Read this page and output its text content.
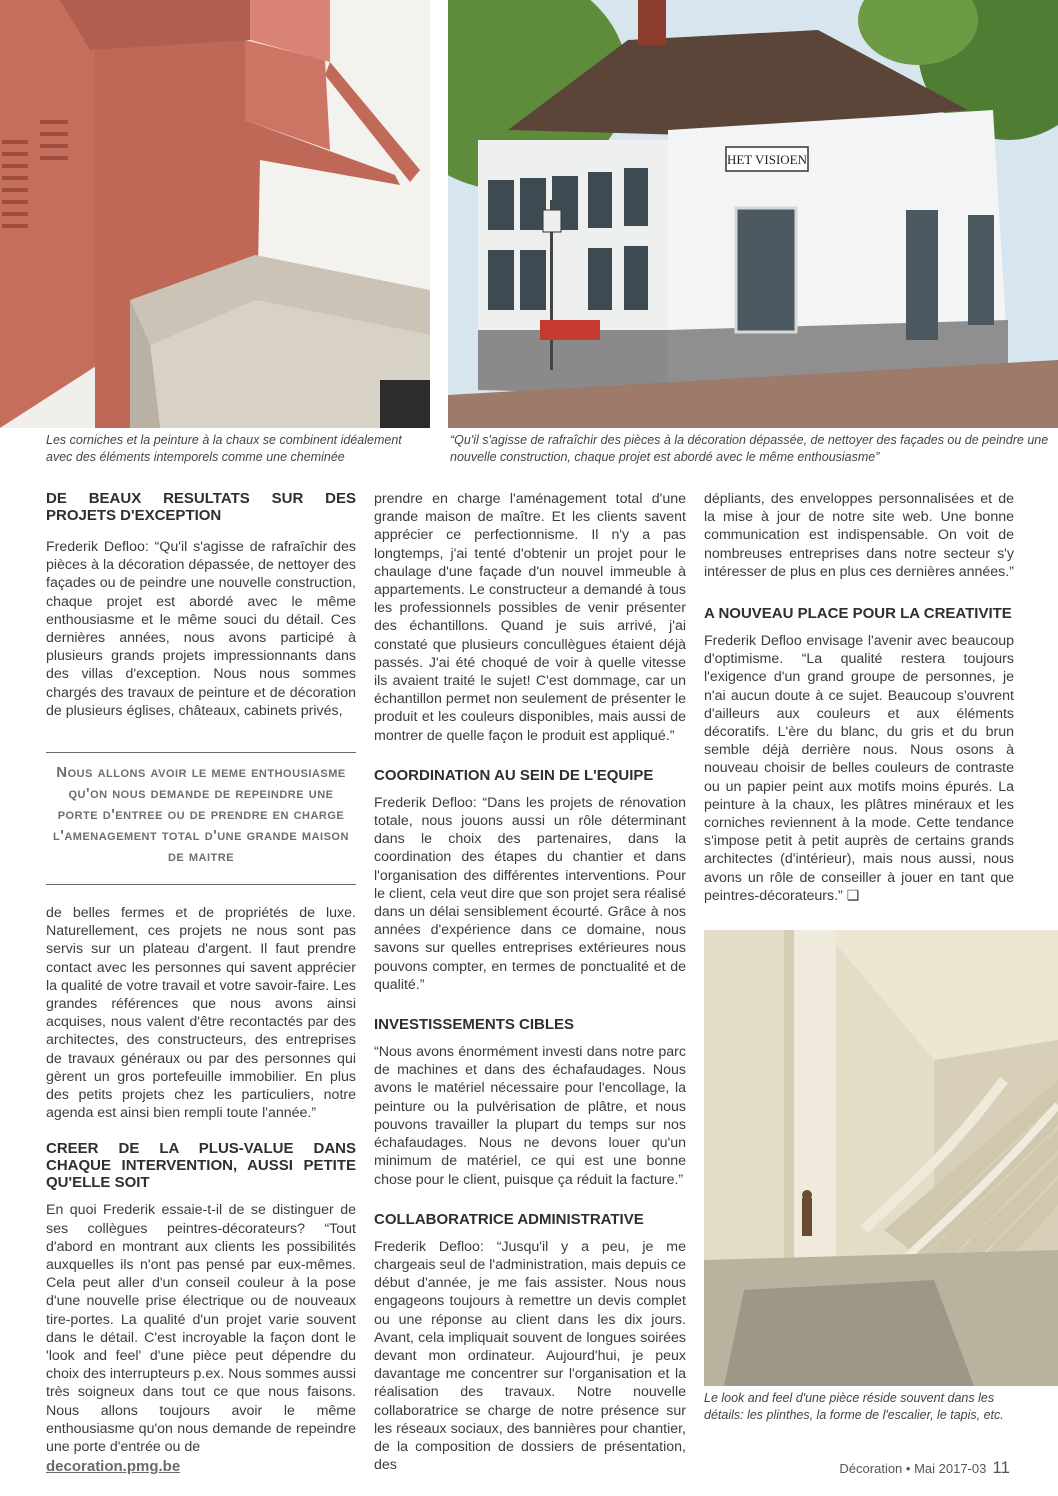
HET VISIOEN
Les corniches et la peinture à la chaux se combinent idéalement avec des éléments intemporels comme une cheminée
“Qu'il s'agisse de rafraîchir des pièces à la décoration dépassée, de nettoyer des façades ou de peindre une nouvelle construction, chaque projet est abordé avec le même enthousiasme”
DE BEAUX RESULTATS SUR DES PROJETS D'EXCEPTION

Frederik Defloo: “Qu'il s'agisse de rafraîchir des pièces à la décoration dépassée, de nettoyer des façades ou de peindre une nouvelle construction, chaque projet est abordé avec le même enthousiasme et le même souci du détail. Ces dernières années, nous avons participé à plusieurs grands projets impressionnants dans des villas d'exception. Nous nous sommes chargés des travaux de peinture et de décoration de plusieurs églises, châteaux, cabinets privés,

Nous allons avoir le meme enthousiasme qu'on nous demande de repeindre une porte d'entree ou de prendre en charge l'amenagement total d'une grande maison de maitre

de belles fermes et de propriétés de luxe. Naturellement, ces projets ne nous sont pas servis sur un plateau d'argent. Il faut prendre contact avec les personnes qui savent apprécier la qualité de votre travail et votre savoir-faire. Les grandes références que nous avons ainsi acquises, nous valent d'être recontactés par des architectes, des constructeurs, des entreprises de travaux généraux ou par des personnes qui gèrent un gros portefeuille immobilier. En plus des petits projets chez les particuliers, notre agenda est ainsi bien rempli toute l'année.”

CREER DE LA PLUS-VALUE DANS CHAQUE INTERVENTION, AUSSI PETITE QU'ELLE SOIT

En quoi Frederik essaie-t-il de se distinguer de ses collègues peintres-décorateurs? “Tout d'abord en montrant aux clients les possibilités auxquelles ils n'ont pas pensé par eux-mêmes. Cela peut aller d'un conseil couleur à la pose d'une nouvelle prise électrique ou de nouveaux tire-portes. La qualité d'un projet varie souvent dans le détail. C'est incroyable la façon dont le 'look and feel' d'une pièce peut dépendre du choix des interrupteurs p.ex. Nous sommes aussi très soigneux dans tout ce que nous faisons. Nous allons toujours avoir le même enthousiasme qu'on nous demande de repeindre une porte d'entrée ou de

prendre en charge l'aménagement total d'une grande maison de maître. Et les clients savent apprécier ce perfectionnisme. Il n'y a pas longtemps, j'ai tenté d'obtenir un projet pour le chaulage d'une façade d'un nouvel immeuble à appartements. Le constructeur a demandé à tous les professionnels possibles de venir présenter des échantillons. Quand je suis arrivé, j'ai constaté que plusieurs concullègues étaient déjà passés. J'ai été choqué de voir à quelle vitesse ils avaient traité le sujet! C'est dommage, car un échantillon permet non seulement de présenter le produit et les couleurs disponibles, mais aussi de montrer de quelle façon le produit est appliqué.”

COORDINATION AU SEIN DE L'EQUIPE

Frederik Defloo: “Dans les projets de rénovation totale, nous jouons aussi un rôle déterminant dans le choix des partenaires, dans la coordination des étapes du chantier et dans l'organisation des différentes interventions. Pour le client, cela veut dire que son projet sera réalisé dans un délai sensiblement écourté. Grâce à nos années d'expérience dans ce domaine, nous savons sur quelles entreprises extérieures nous pouvons compter, en termes de ponctualité et de qualité.”

INVESTISSEMENTS CIBLES

“Nous avons énormément investi dans notre parc de machines et dans des échafaudages. Nous avons le matériel nécessaire pour l'encollage, la peinture ou la pulvérisation de plâtre, et nous pouvons travailler la plupart du temps sur nos échafaudages. Nous ne devons louer qu'un minimum de matériel, ce qui est une bonne chose pour le client, puisque ça réduit la facture.”

COLLABORATRICE ADMINISTRATIVE

Frederik Defloo: “Jusqu'il y a peu, je me chargeais seul de l'administration, mais depuis ce début d'année, je me fais assister. Nous nous engageons toujours à remettre un devis complet ou une réponse au client dans les dix jours. Avant, cela impliquait souvent de longues soirées devant mon ordinateur. Aujourd'hui, je peux davantage me concentrer sur l'organisation et la réalisation des travaux. Notre nouvelle collaboratrice se charge de notre présence sur les réseaux sociaux, des bannières pour chantier, de la composition de dossiers de présentation, des

dépliants, des enveloppes personnalisées et de la mise à jour de notre site web. Une bonne communication est indispensable. On voit de nombreuses entreprises dans notre secteur s'y intéresser de plus en plus ces dernières années.”

A NOUVEAU PLACE POUR LA CREATIVITE

Frederik Defloo envisage l'avenir avec beaucoup d'optimisme. “La qualité restera toujours l'exigence d'un grand groupe de personnes, je n'ai aucun doute à ce sujet. Beaucoup s'ouvrent d'ailleurs aux couleurs et aux éléments décoratifs. L'ère du blanc, du gris et du brun semble déjà derrière nous. Nous osons à nouveau choisir de belles couleurs de contraste ou un papier peint aux motifs moins épurés. La peinture à la chaux, les plâtres minéraux et les corniches reviennent à la mode. Cette tendance s'impose petit à petit auprès de certains grands architectes (d'intérieur), mais nous aussi, nous avons un rôle de conseiller à jouer en tant que peintres-décorateurs.” ❑

Le look and feel d'une pièce réside souvent dans les détails: les plinthes, la forme de l'escalier, le tapis, etc.
decoration.pmg.be	Décoration • Mai 2017-03 11
